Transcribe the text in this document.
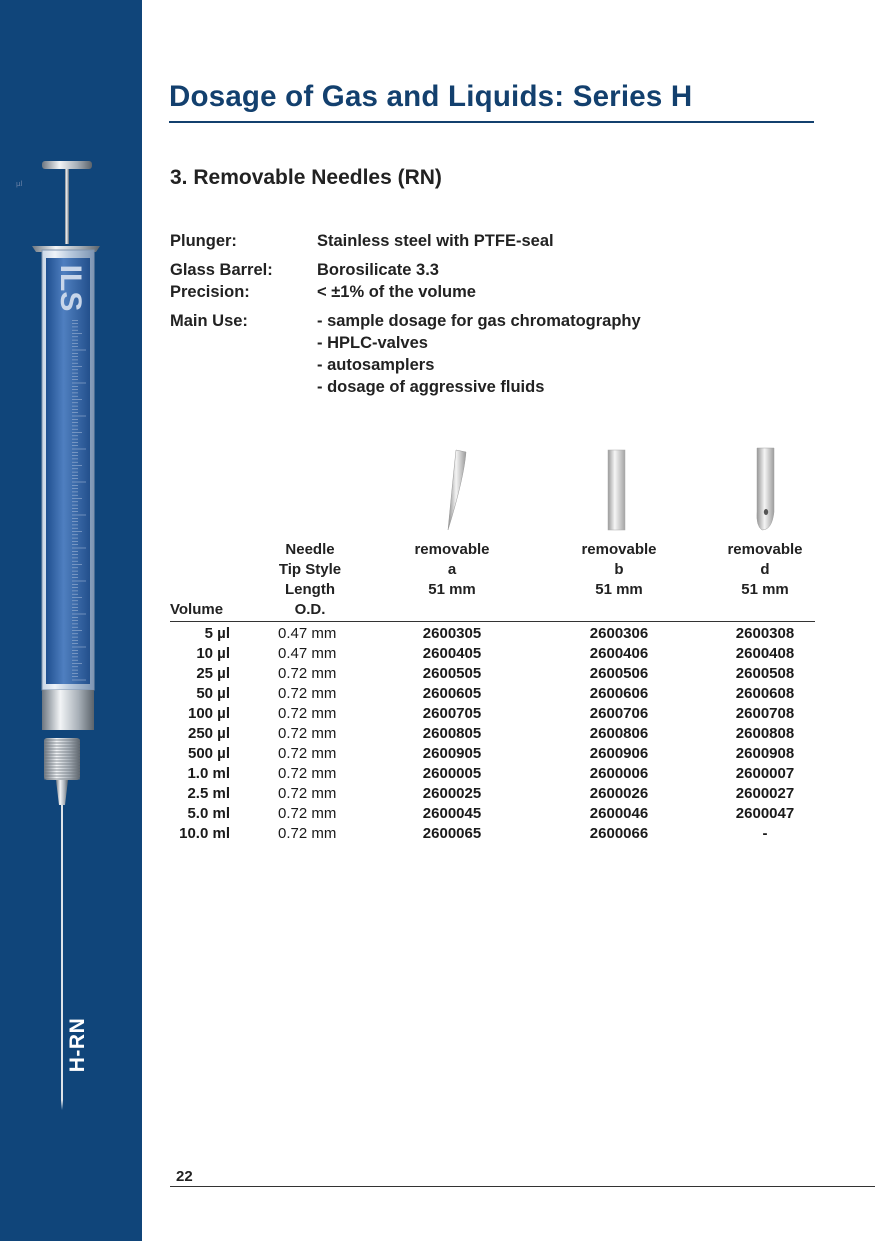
μl
H-RN
ILS
Dosage of Gas and Liquids: Series H
3. Removable Needles (RN)
Plunger:	Stainless steel with PTFE-seal
Glass Barrel:	Borosilicate 3.3
Precision:	< ±1% of the volume
Main Use:	- sample dosage for gas chromatography
- HPLC-valves
- autosamplers
- dosage of aggressive fluids
Volume
Needle
Tip Style
Length
O.D.
removable
a
51 mm
removable
b
51 mm
removable
d
51 mm
5 µl	0.47 mm	2600305	2600306	2600308
10 µl	0.47 mm	2600405	2600406	2600408
25 µl	0.72 mm	2600505	2600506	2600508
50 µl	0.72 mm	2600605	2600606	2600608
100 µl	0.72 mm	2600705	2600706	2600708
250 µl	0.72 mm	2600805	2600806	2600808
500 µl	0.72 mm	2600905	2600906	2600908
1.0 ml	0.72 mm	2600005	2600006	2600007
2.5 ml	0.72 mm	2600025	2600026	2600027
5.0 ml	0.72 mm	2600045	2600046	2600047
10.0 ml	0.72 mm	2600065	2600066	-
22
